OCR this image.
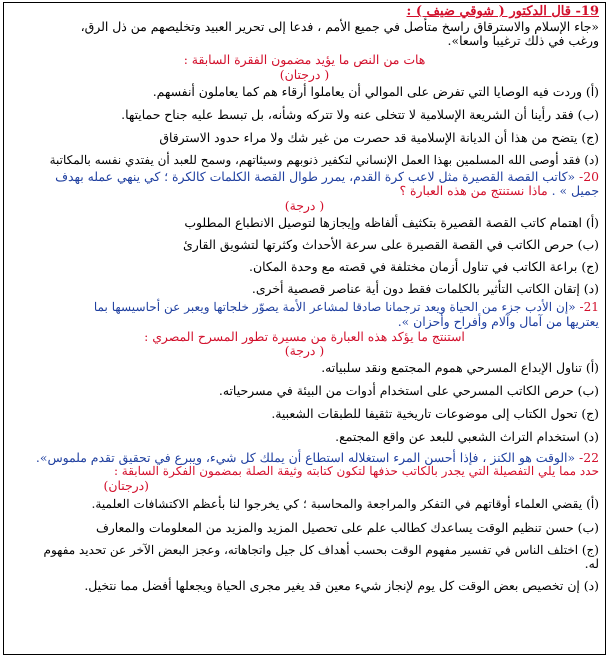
19- قال الدكتور ( شوقي ضيف ) :

«جاء الإسلام والاسترقاق راسخ متأصل في جميع الأمم ، فدعا إلى تحرير العبيد وتخليصهم من ذل الرق،

ورغب في ذلك ترغيبا واسعا».

هات من النص ما يؤيد مضمون الفقرة السابقة :

( درجتان)

(أ) وردت فيه الوصايا التي تفرض على الموالي أن يعاملوا أرقاء هم كما يعاملون أنفسهم.

(ب) فقد رأينا أن الشريعة الإسلامية لا تتخلى عنه ولا تتركه وشأنه، بل تبسط عليه جناح حمايتها.

(ج) يتضح من هذا أن الديانة الإسلامية قد حصرت من غير شك ولا مراء حدود الاسترقاق

(د) فقد أوصى الله المسلمين بهذا العمل الإنساني لتكفير ذنوبهم وسيئاتهم، وسمح للعبد أن يفتدي نفسه بالمكاتبة

20- «كاتب القصة القصيرة مثل لاعب كرة القدم، يمرر طوال القصة الكلمات كالكرة ؛ كي ينهي عمله بهدف

جميل » . ماذا نستنتج من هذه العبارة ؟

( درجة)

(أ) اهتمام كاتب القصة القصيرة بتكثيف ألفاظه وإيجازها لتوصيل الانطباع المطلوب

(ب) حرص الكاتب في القصة القصيرة على سرعة الأحداث وكثرتها لتشويق القارئ

(ج) براعة الكاتب في تناول أزمان مختلفة في قصته مع وحدة المكان.

(د) إتقان الكاتب التأثير بالكلمات فقط دون أية عناصر قصصية أخرى.

21- «إن الأدب جزء من الحياة ويعد ترجمانا صادقا لمشاعر الأمة يصوّر خلجاتها ويعبر عن أحاسيسها بما

يعتريها من آمال وآلام وأفراح وأحزان ».

استنتج ما يؤكد هذه العبارة من مسيرة تطور المسرح المصري :

( درجة)

(أ) تناول الإبداع المسرحي هموم المجتمع ونقد سلبياته.

(ب) حرص الكاتب المسرحي على استخدام أدوات من البيئة في مسرحياته.

(ج) تحول الكتاب إلى موضوعات تاريخية تثقيفا للطبقات الشعبية.

(د) استخدام التراث الشعبي للبعد عن واقع المجتمع.

22- «الوقت هو الكنز ، فإذا أحسن المرء استغلاله استطاع أن يملك كل شيء، ويبرع في تحقيق تقدم ملموس».

حدد مما يلي التفصيلة التي يجدر بالكاتب حذفها لتكون كتابته وثيقة الصلة بمضمون الفكرة السابقة :

(درجتان)

(أ) يقضي العلماء أوقاتهم في التفكر والمراجعة والمحاسبة ؛ كي يخرجوا لنا بأعظم الاكتشافات العلمية.

(ب) حسن تنظيم الوقت يساعدك كطالب علم على تحصيل المزيد والمزيد من المعلومات والمعارف

(ج) اختلف الناس في تفسير مفهوم الوقت بحسب أهداف كل جيل واتجاهاته، وعجز البعض الآخر عن تحديد مفهوم

له.

(د) إن تخصيص بعض الوقت كل يوم لإنجاز شيء معين قد يغير مجرى الحياة ويجعلها أفضل مما نتخيل.
